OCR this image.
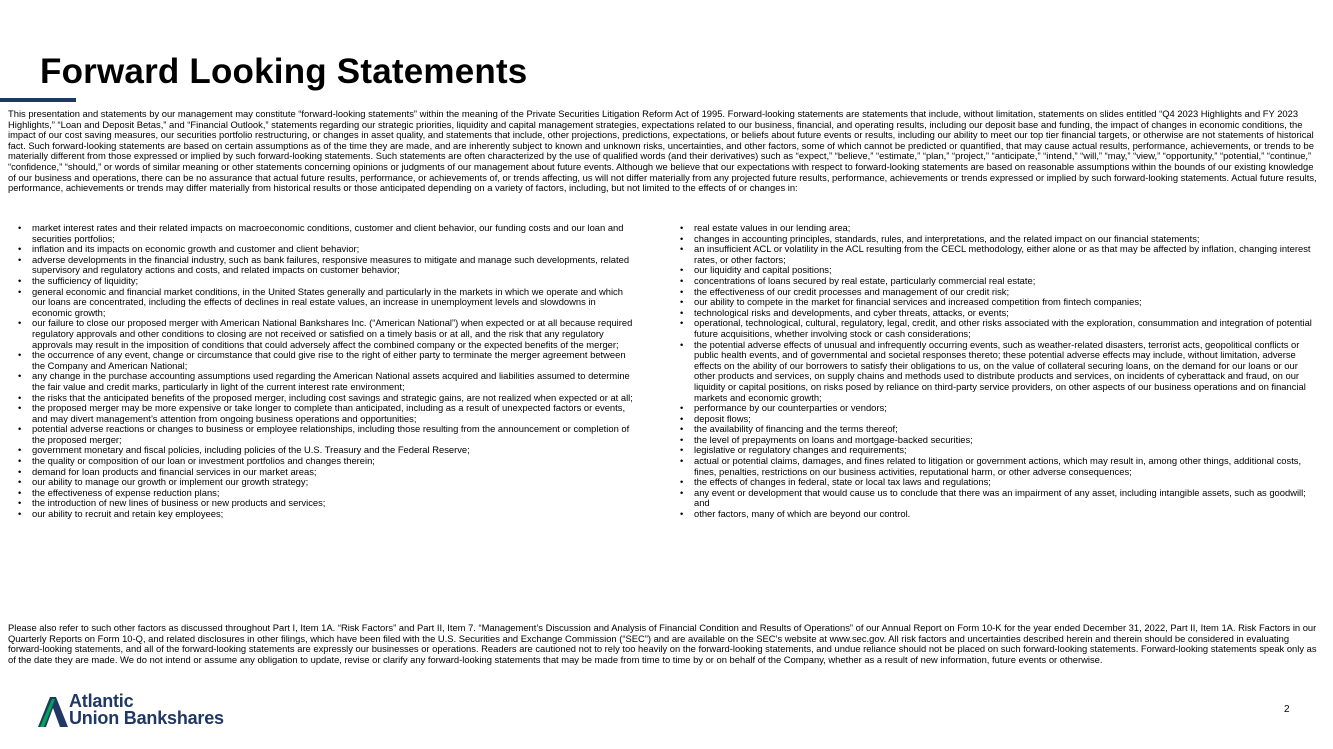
Forward Looking Statements

This presentation and statements by our management may constitute “forward-looking statements” within the meaning of the Private Securities Litigation Reform Act of 1995. Forward-looking statements are statements that include, without limitation, statements on slides entitled “Q4 2023 Highlights and FY 2023 Highlights,” “Loan and Deposit Betas,” and “Financial Outlook,” statements regarding our strategic priorities, liquidity and capital management strategies, expectations related to our business, financial, and operating results, including our deposit base and funding, the impact of changes in economic conditions, the impact of our cost saving measures, our securities portfolio restructuring, or changes in asset quality, and statements that include, other projections, predictions, expectations, or beliefs about future events or results, including our ability to meet our top tier financial targets, or otherwise are not statements of historical fact. Such forward-looking statements are based on certain assumptions as of the time they are made, and are inherently subject to known and unknown risks, uncertainties, and other factors, some of which cannot be predicted or quantified, that may cause actual results, performance, achievements, or trends to be materially different from those expressed or implied by such forward-looking statements. Such statements are often characterized by the use of qualified words (and their derivatives) such as “expect,” “believe,” “estimate,” “plan,” “project,” “anticipate,” “intend,” “will,” “may,” “view,” “opportunity,” “potential,” “continue,” “confidence,” “should,” or words of similar meaning or other statements concerning opinions or judgments of our management about future events. Although we believe that our expectations with respect to forward-looking statements are based on reasonable assumptions within the bounds of our existing knowledge of our business and operations, there can be no assurance that actual future results, performance, or achievements of, or trends affecting, us will not differ materially from any projected future results, performance, achievements or trends expressed or implied by such forward-looking statements. Actual future results, performance, achievements or trends may differ materially from historical results or those anticipated depending on a variety of factors, including, but not limited to the effects of or changes in:

• market interest rates and their related impacts on macroeconomic conditions, customer and client behavior, our funding costs and our loan and securities portfolios;
• inflation and its impacts on economic growth and customer and client behavior;
• adverse developments in the financial industry, such as bank failures, responsive measures to mitigate and manage such developments, related supervisory and regulatory actions and costs, and related impacts on customer behavior;
• the sufficiency of liquidity;
• general economic and financial market conditions, in the United States generally and particularly in the markets in which we operate and which our loans are concentrated, including the effects of declines in real estate values, an increase in unemployment levels and slowdowns in economic growth;
• our failure to close our proposed merger with American National Bankshares Inc. (“American National”) when expected or at all because required regulatory approvals and other conditions to closing are not received or satisfied on a timely basis or at all, and the risk that any regulatory approvals may result in the imposition of conditions that could adversely affect the combined company or the expected benefits of the merger;
• the occurrence of any event, change or circumstance that could give rise to the right of either party to terminate the merger agreement between the Company and American National;
• any change in the purchase accounting assumptions used regarding the American National assets acquired and liabilities assumed to determine the fair value and credit marks, particularly in light of the current interest rate environment;
• the risks that the anticipated benefits of the proposed merger, including cost savings and strategic gains, are not realized when expected or at all;
• the proposed merger may be more expensive or take longer to complete than anticipated, including as a result of unexpected factors or events, and may divert management’s attention from ongoing business operations and opportunities;
• potential adverse reactions or changes to business or employee relationships, including those resulting from the announcement or completion of the proposed merger;
• government monetary and fiscal policies, including policies of the U.S. Treasury and the Federal Reserve;
• the quality or composition of our loan or investment portfolios and changes therein;
• demand for loan products and financial services in our market areas;
• our ability to manage our growth or implement our growth strategy;
• the effectiveness of expense reduction plans;
• the introduction of new lines of business or new products and services;
• our ability to recruit and retain key employees;
• real estate values in our lending area;
• changes in accounting principles, standards, rules, and interpretations, and the related impact on our financial statements;
• an insufficient ACL or volatility in the ACL resulting from the CECL methodology, either alone or as that may be affected by inflation, changing interest rates, or other factors;
• our liquidity and capital positions;
• concentrations of loans secured by real estate, particularly commercial real estate;
• the effectiveness of our credit processes and management of our credit risk;
• our ability to compete in the market for financial services and increased competition from fintech companies;
• technological risks and developments, and cyber threats, attacks, or events;
• operational, technological, cultural, regulatory, legal, credit, and other risks associated with the exploration, consummation and integration of potential future acquisitions, whether involving stock or cash considerations;
• the potential adverse effects of unusual and infrequently occurring events, such as weather-related disasters, terrorist acts, geopolitical conflicts or public health events, and of governmental and societal responses thereto; these potential adverse effects may include, without limitation, adverse effects on the ability of our borrowers to satisfy their obligations to us, on the value of collateral securing loans, on the demand for our loans or our other products and services, on supply chains and methods used to distribute products and services, on incidents of cyberattack and fraud, on our liquidity or capital positions, on risks posed by reliance on third-party service providers, on other aspects of our business operations and on financial markets and economic growth;
• performance by our counterparties or vendors;
• deposit flows;
• the availability of financing and the terms thereof;
• the level of prepayments on loans and mortgage-backed securities;
• legislative or regulatory changes and requirements;
• actual or potential claims, damages, and fines related to litigation or government actions, which may result in, among other things, additional costs, fines, penalties, restrictions on our business activities, reputational harm, or other adverse consequences;
• the effects of changes in federal, state or local tax laws and regulations;
• any event or development that would cause us to conclude that there was an impairment of any asset, including intangible assets, such as goodwill; and
• other factors, many of which are beyond our control.

Please also refer to such other factors as discussed throughout Part I, Item 1A. “Risk Factors” and Part II, Item 7. “Management’s Discussion and Analysis of Financial Condition and Results of Operations” of our Annual Report on Form 10-K for the year ended December 31, 2022, Part II, Item 1A. Risk Factors in our Quarterly Reports on Form 10-Q, and related disclosures in other filings, which have been filed with the U.S. Securities and Exchange Commission (“SEC”) and are available on the SEC’s website at www.sec.gov. All risk factors and uncertainties described herein and therein should be considered in evaluating forward-looking statements, and all of the forward-looking statements are expressly our businesses or operations. Readers are cautioned not to rely too heavily on the forward-looking statements, and undue reliance should not be placed on such forward-looking statements. Forward-looking statements speak only as of the date they are made. We do not intend or assume any obligation to update, revise or clarify any forward-looking statements that may be made from time to time by or on behalf of the Company, whether as a result of new information, future events or otherwise.

Atlantic
Union Bankshares	2
